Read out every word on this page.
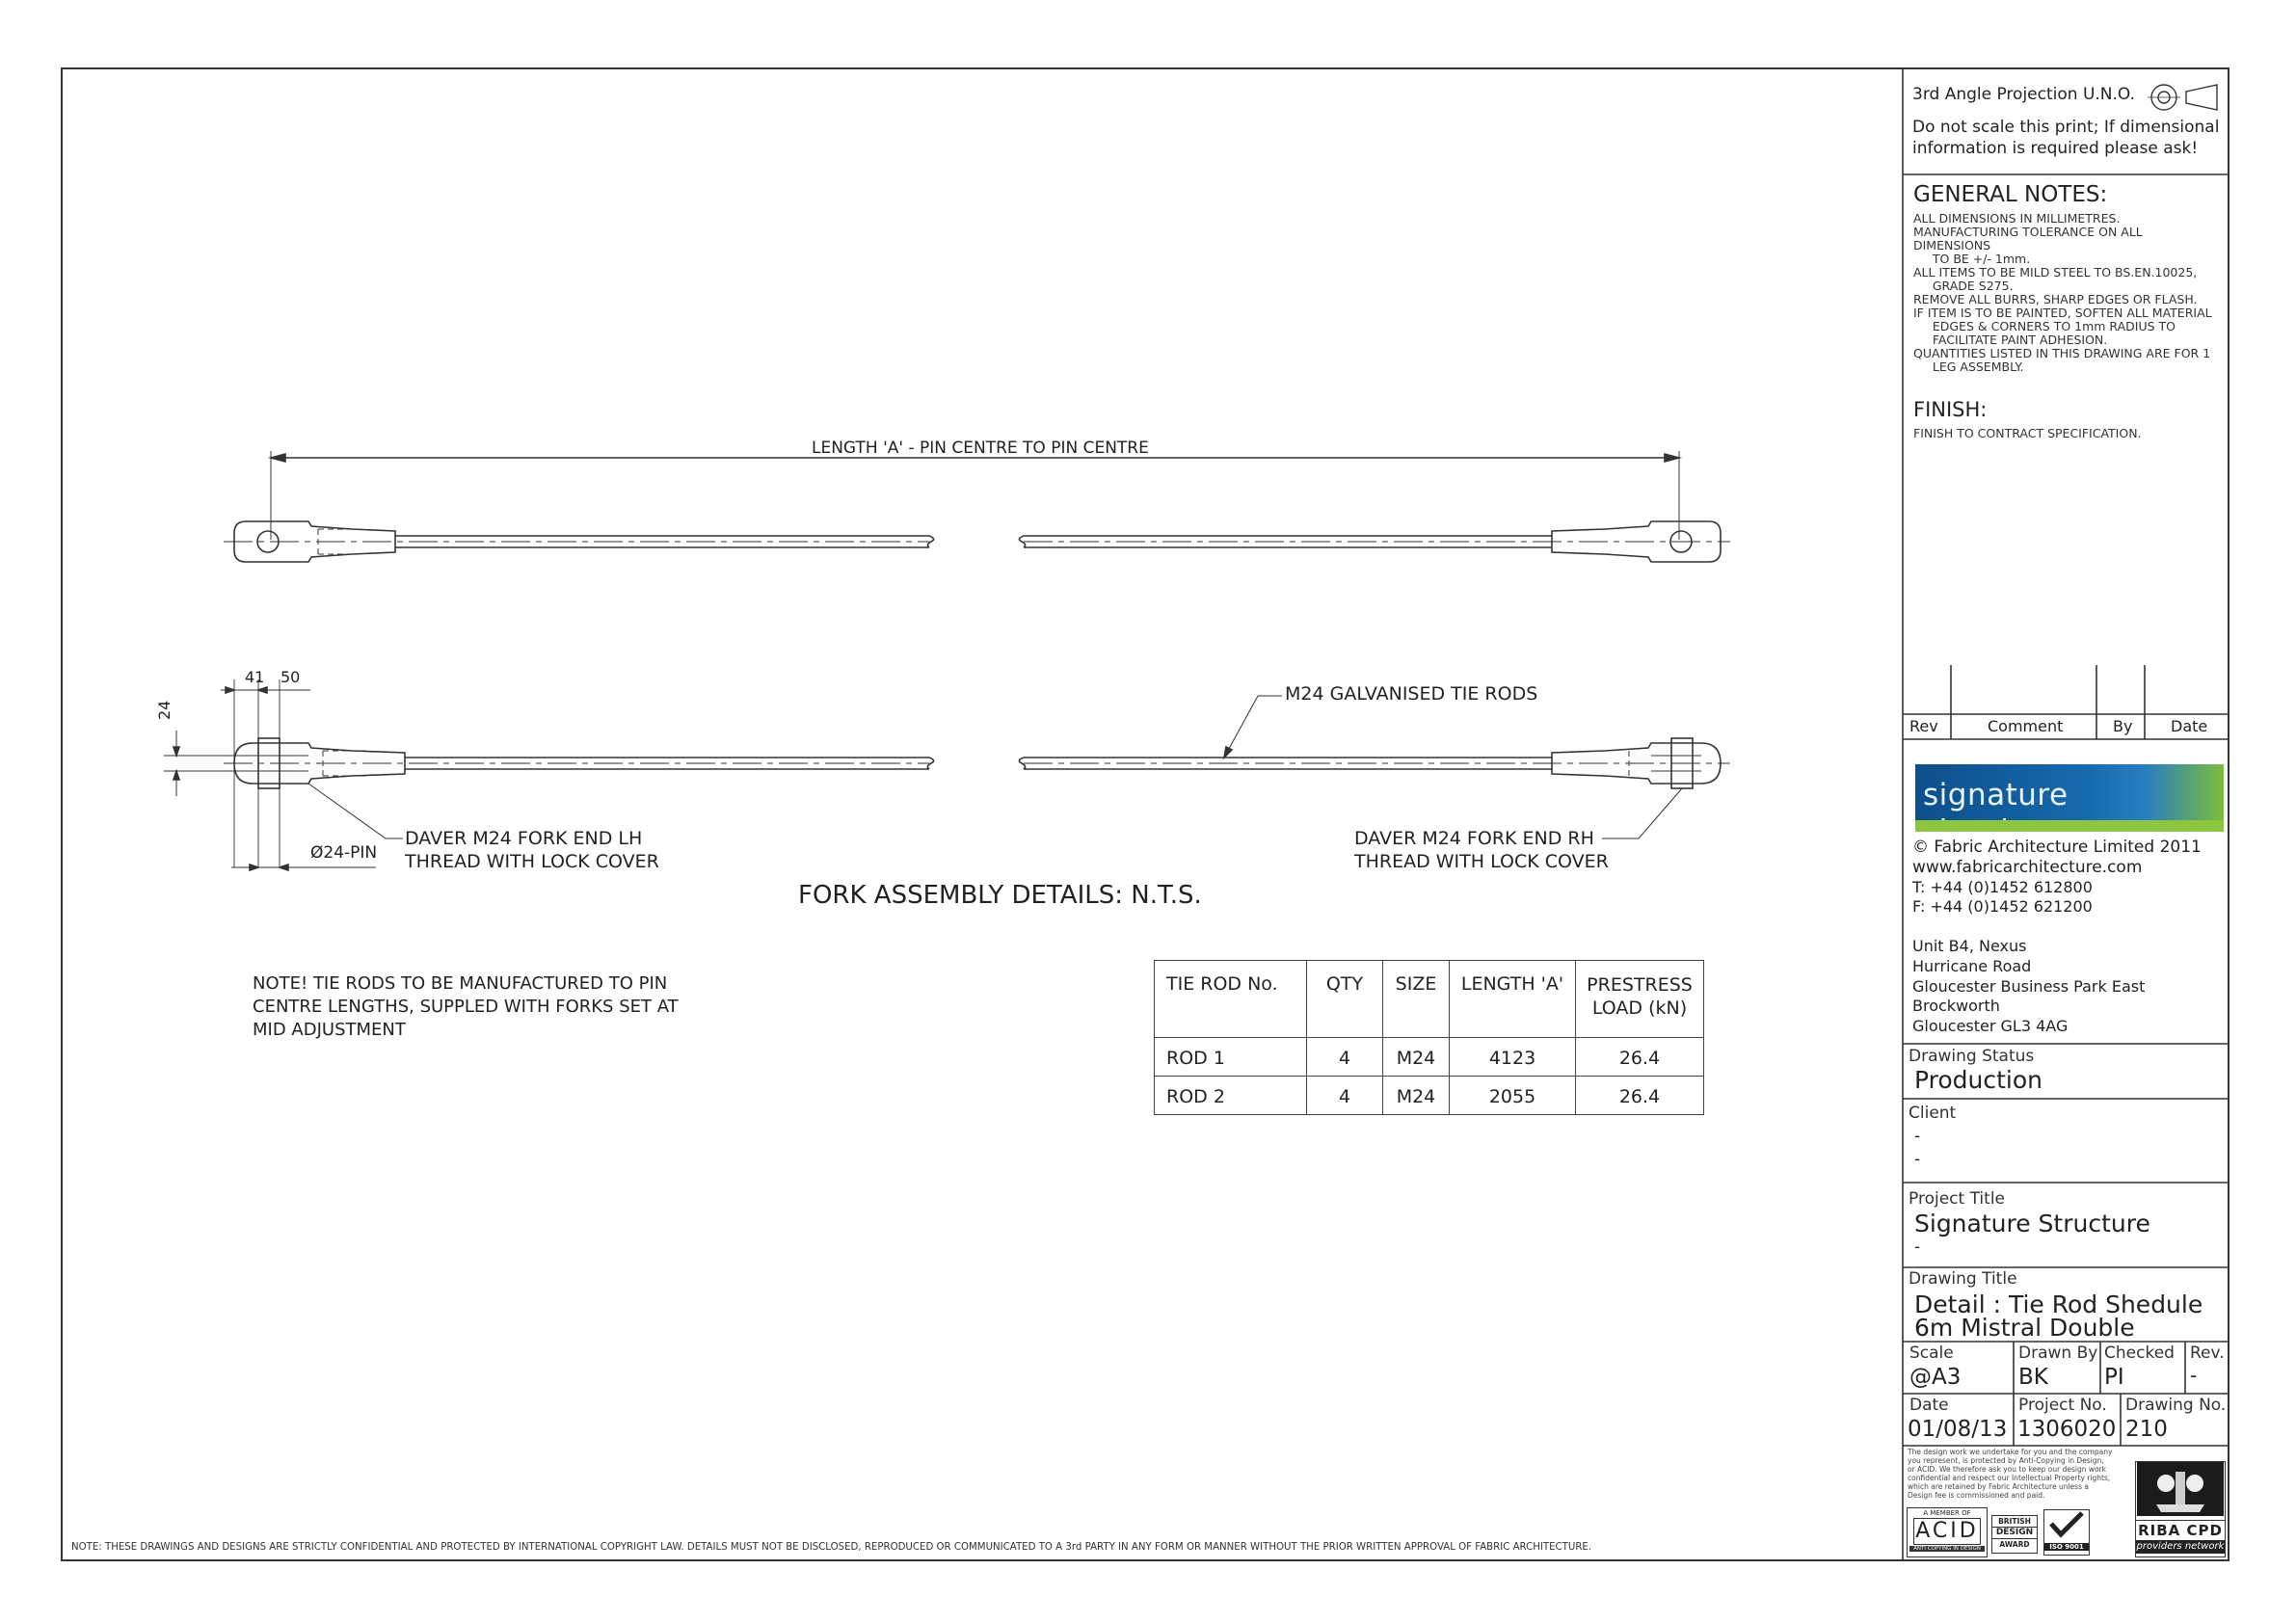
LENGTH 'A' - PIN CENTRE TO PIN CENTRE
41 50
24
Ø24-PIN
M24 GALVANISED TIE RODS
DAVER M24 FORK END LH
THREAD WITH LOCK COVER
DAVER M24 FORK END RH
THREAD WITH LOCK COVER
FORK ASSEMBLY DETAILS: N.T.S.
NOTE! TIE RODS TO BE MANUFACTURED TO PIN
CENTRE LENGTHS, SUPPLED WITH FORKS SET AT
MID ADJUSTMENT
TIE ROD No.	QTY	SIZE	LENGTH 'A'	PRESTRESS
LOAD (kN)
ROD 1	4	M24	4123	26.4
ROD 2	4	M24	2055	26.4
NOTE: THESE DRAWINGS AND DESIGNS ARE STRICTLY CONFIDENTIAL AND PROTECTED BY INTERNATIONAL COPYRIGHT LAW. DETAILS MUST NOT BE DISCLOSED, REPRODUCED OR COMMUNICATED TO A 3rd PARTY IN ANY FORM OR MANNER WITHOUT THE PRIOR WRITTEN APPROVAL OF FABRIC ARCHITECTURE.
3rd Angle Projection U.N.O.
Do not scale this print; If dimensional
information is required please ask!
GENERAL NOTES:
ALL DIMENSIONS IN MILLIMETRES.
MANUFACTURING TOLERANCE ON ALL
DIMENSIONS
TO BE +/- 1mm.
ALL ITEMS TO BE MILD STEEL TO BS.EN.10025,
GRADE S275.
REMOVE ALL BURRS, SHARP EDGES OR FLASH.
IF ITEM IS TO BE PAINTED, SOFTEN ALL MATERIAL
EDGES & CORNERS TO 1mm RADIUS TO
FACILITATE PAINT ADHESION.
QUANTITIES LISTED IN THIS DRAWING ARE FOR 1
LEG ASSEMBLY.
FINISH:
FINISH TO CONTRACT SPECIFICATION.
Rev	Comment	By Date
signature
© Fabric Architecture Limited 2011
www.fabricarchitecture.com
T: +44 (0)1452 612800
F: +44 (0)1452 621200
Unit B4, Nexus
Hurricane Road
Gloucester Business Park East
Brockworth
Gloucester GL3 4AG
Drawing Status
Production
Client
-
-
Project Title
Signature Structure
-
Drawing Title
Detail : Tie Rod Shedule
6m Mistral Double
Scale
@A3
Drawn By
BK
Checked
PI
Rev.
-
Date
01/08/13
Project No.
1306020
Drawing No.
210
The design work we undertake for you and the company
you represent, is protected by Anti-Copying in Design,
or ACID. We therefore ask you to keep our design work
confidential and respect our Intellectual Property rights,
which are retained by Fabric Architecture unless a
Design fee is commissioned and paid.
A MEMBER OF
ACID
ANTI COPYING IN DESIGN
BRITISH
DESIGN
AWARD	ISO 9001
RIBA CPD
providers network
